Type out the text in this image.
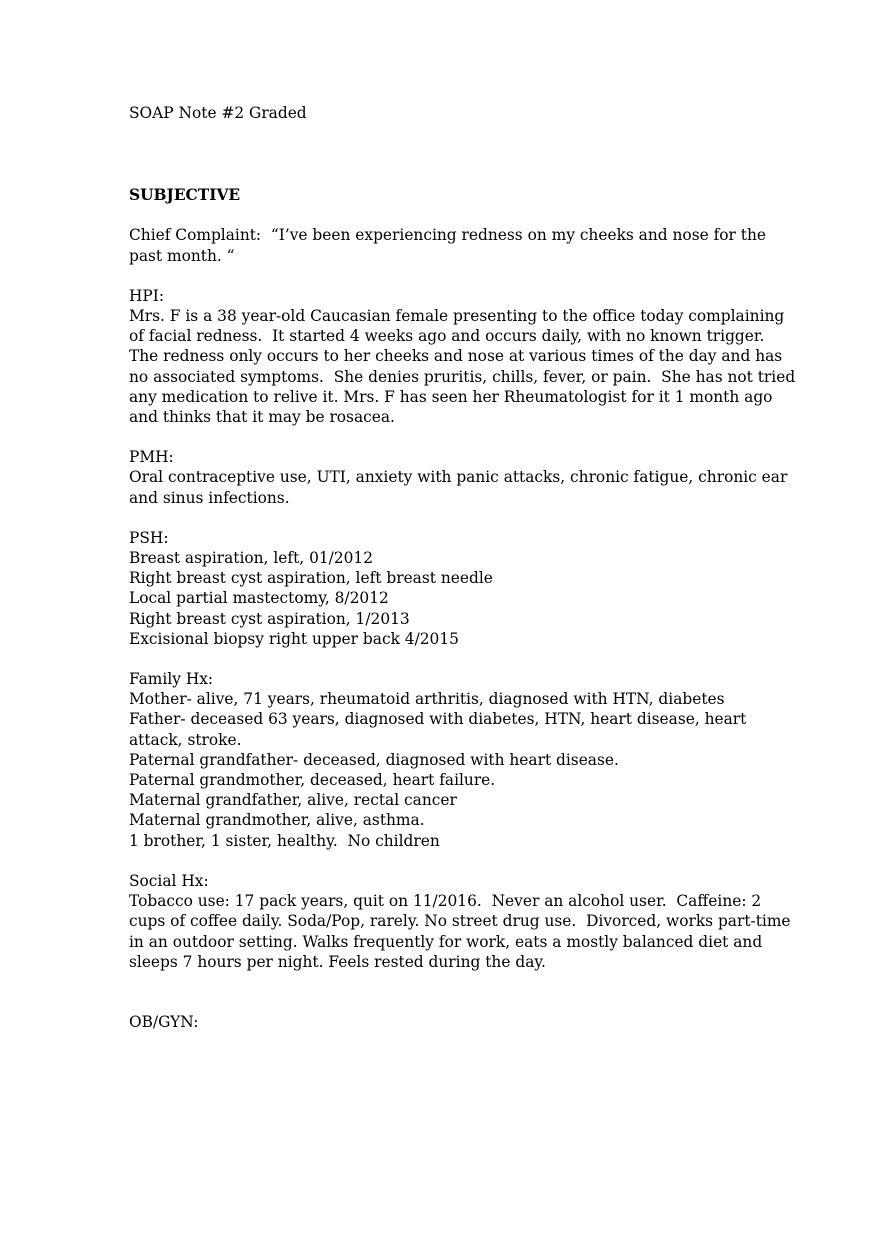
SOAP Note #2 Graded
SUBJECTIVE
Chief Complaint:  “I’ve been experiencing redness on my cheeks and nose for the
past month. “
HPI:
Mrs. F is a 38 year-old Caucasian female presenting to the office today complaining
of facial redness.  It started 4 weeks ago and occurs daily, with no known trigger.
The redness only occurs to her cheeks and nose at various times of the day and has
no associated symptoms.  She denies pruritis, chills, fever, or pain.  She has not tried
any medication to relive it. Mrs. F has seen her Rheumatologist for it 1 month ago
and thinks that it may be rosacea.
PMH:
Oral contraceptive use, UTI, anxiety with panic attacks, chronic fatigue, chronic ear
and sinus infections.
PSH:
Breast aspiration, left, 01/2012
Right breast cyst aspiration, left breast needle
Local partial mastectomy, 8/2012
Right breast cyst aspiration, 1/2013
Excisional biopsy right upper back 4/2015
Family Hx:
Mother- alive, 71 years, rheumatoid arthritis, diagnosed with HTN, diabetes
Father- deceased 63 years, diagnosed with diabetes, HTN, heart disease, heart
attack, stroke.
Paternal grandfather- deceased, diagnosed with heart disease.
Paternal grandmother, deceased, heart failure.
Maternal grandfather, alive, rectal cancer
Maternal grandmother, alive, asthma.
1 brother, 1 sister, healthy.  No children
Social Hx:
Tobacco use: 17 pack years, quit on 11/2016.  Never an alcohol user.  Caffeine: 2
cups of coffee daily. Soda/Pop, rarely. No street drug use.  Divorced, works part-time
in an outdoor setting. Walks frequently for work, eats a mostly balanced diet and
sleeps 7 hours per night. Feels rested during the day.
OB/GYN:
